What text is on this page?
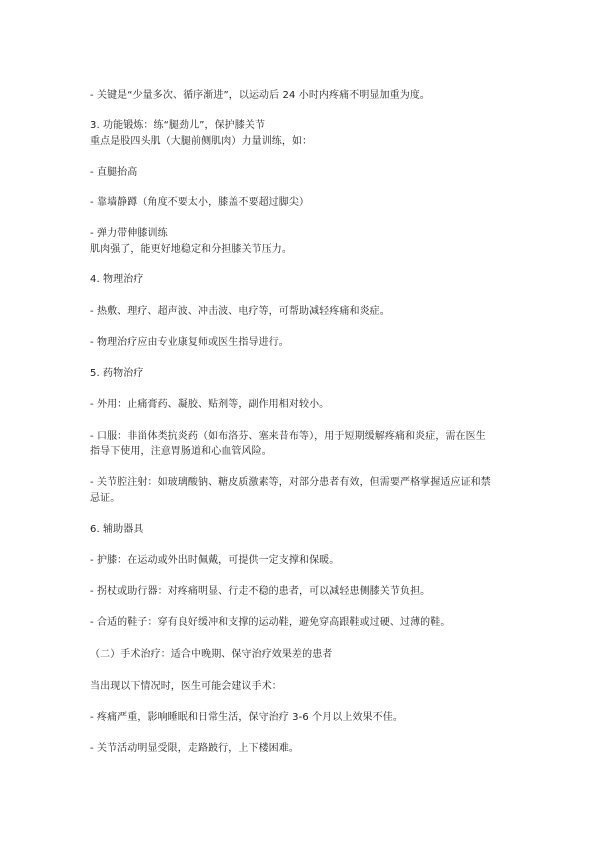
- 关键是“少量多次、循序渐进”，以运动后 24 小时内疼痛不明显加重为度。
3. 功能锻炼：练“腿劲儿”，保护膝关节
重点是股四头肌（大腿前侧肌肉）力量训练，如：
- 直腿抬高
- 靠墙静蹲（角度不要太小，膝盖不要超过脚尖）
- 弹力带伸膝训练
肌肉强了，能更好地稳定和分担膝关节压力。
4. 物理治疗
- 热敷、理疗、超声波、冲击波、电疗等，可帮助减轻疼痛和炎症。
- 物理治疗应由专业康复师或医生指导进行。
5. 药物治疗
- 外用：止痛膏药、凝胶、贴剂等，副作用相对较小。
- 口服：非甾体类抗炎药（如布洛芬、塞来昔布等），用于短期缓解疼痛和炎症，需在医生
指导下使用，注意胃肠道和心血管风险。
- 关节腔注射：如玻璃酸钠、糖皮质激素等，对部分患者有效，但需要严格掌握适应证和禁
忌证。
6. 辅助器具
- 护膝：在运动或外出时佩戴，可提供一定支撑和保暖。
- 拐杖或助行器：对疼痛明显、行走不稳的患者，可以减轻患侧膝关节负担。
- 合适的鞋子：穿有良好缓冲和支撑的运动鞋，避免穿高跟鞋或过硬、过薄的鞋。
（二）手术治疗：适合中晚期、保守治疗效果差的患者
当出现以下情况时，医生可能会建议手术：
- 疼痛严重，影响睡眠和日常生活，保守治疗 3-6 个月以上效果不佳。
- 关节活动明显受限，走路跛行，上下楼困难。
